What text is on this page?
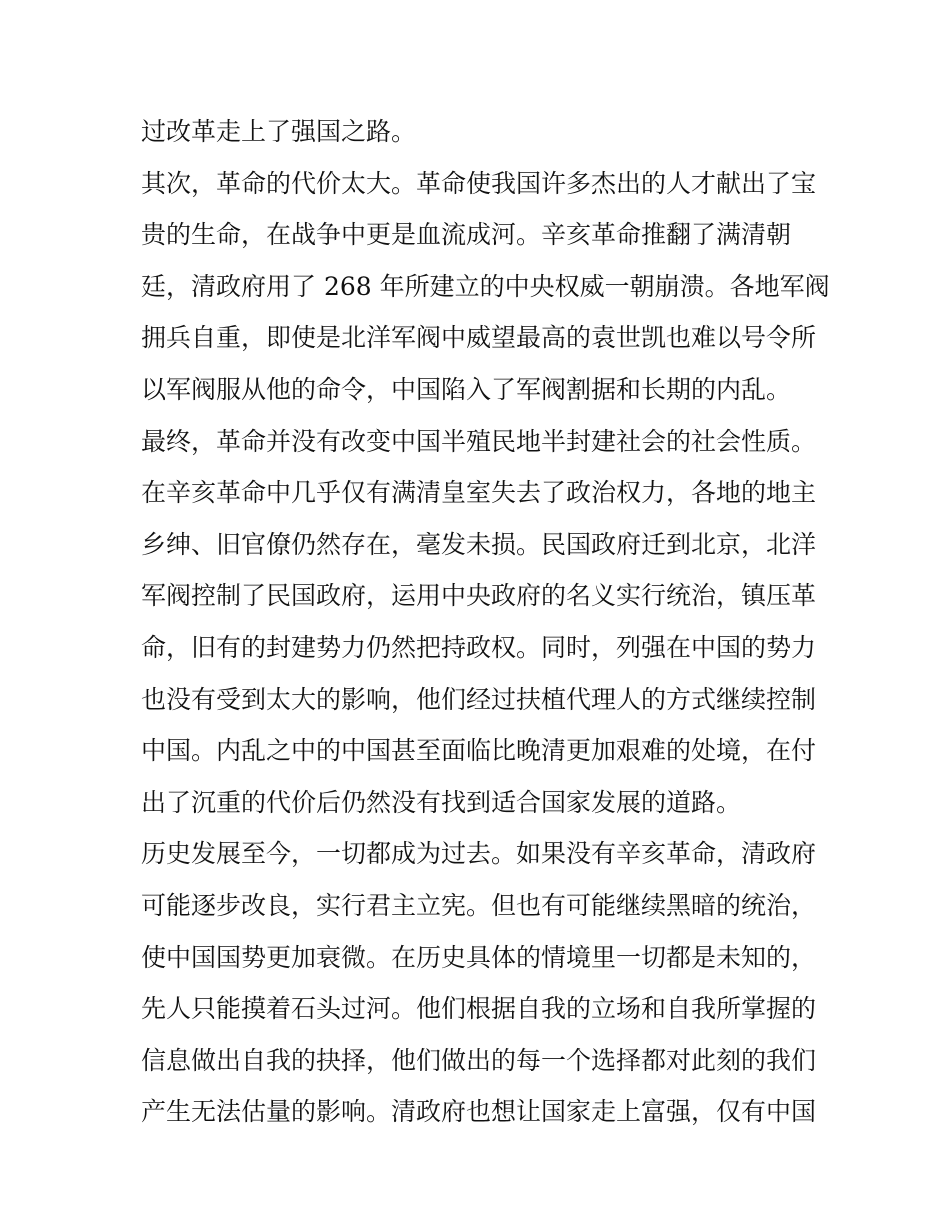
过改革走上了强国之路。
其次，革命的代价太大。革命使我国许多杰出的人才献出了宝
贵的生命，在战争中更是血流成河。辛亥革命推翻了满清朝
廷，清政府用了 268 年所建立的中央权威一朝崩溃。各地军阀
拥兵自重，即使是北洋军阀中威望最高的袁世凯也难以号令所
以军阀服从他的命令，中国陷入了军阀割据和长期的内乱。
最终，革命并没有改变中国半殖民地半封建社会的社会性质。
在辛亥革命中几乎仅有满清皇室失去了政治权力，各地的地主
乡绅、旧官僚仍然存在，毫发未损。民国政府迁到北京，北洋
军阀控制了民国政府，运用中央政府的名义实行统治，镇压革
命，旧有的封建势力仍然把持政权。同时，列强在中国的势力
也没有受到太大的影响，他们经过扶植代理人的方式继续控制
中国。内乱之中的中国甚至面临比晚清更加艰难的处境，在付
出了沉重的代价后仍然没有找到适合国家发展的道路。
历史发展至今，一切都成为过去。如果没有辛亥革命，清政府
可能逐步改良，实行君主立宪。但也有可能继续黑暗的统治，
使中国国势更加衰微。在历史具体的情境里一切都是未知的，
先人只能摸着石头过河。他们根据自我的立场和自我所掌握的
信息做出自我的抉择，他们做出的每一个选择都对此刻的我们
产生无法估量的影响。清政府也想让国家走上富强，仅有中国
